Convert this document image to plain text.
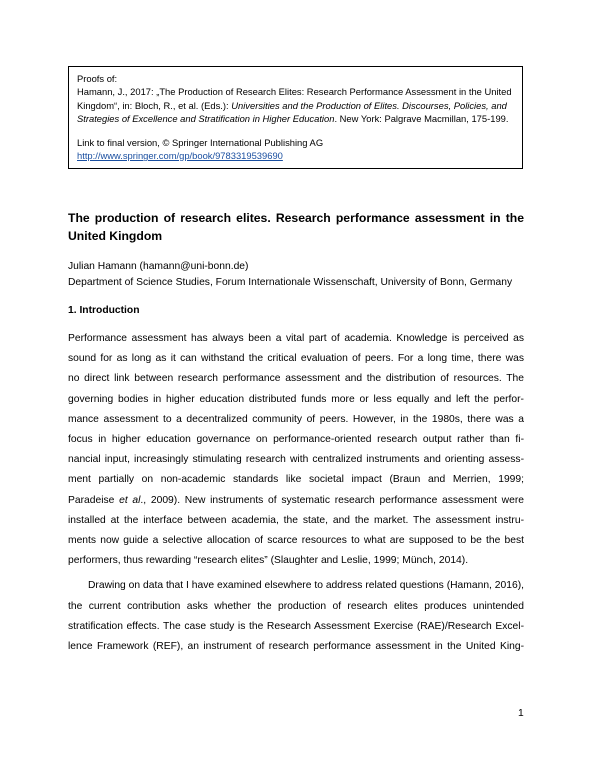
Proofs of:

Hamann, J., 2017: „The Production of Research Elites: Research Performance Assessment in the United Kingdom“, in: Bloch, R., et al. (Eds.): Universities and the Production of Elites. Discourses, Policies, and Strategies of Excellence and Stratification in Higher Education. New York: Palgrave Macmillan, 175-199.

Link to final version, © Springer International Publishing AG

http://www.springer.com/gp/book/9783319539690

The production of research elites. Research performance assessment in the United Kingdom
Julian Hamann (hamann@uni-bonn.de)
Department of Science Studies, Forum Internationale Wissenschaft, University of Bonn, Germany
1. Introduction
Performance assessment has always been a vital part of academia. Knowledge is perceived as
sound for as long as it can withstand the critical evaluation of peers. For a long time, there was
no direct link between research performance assessment and the distribution of resources. The
governing bodies in higher education distributed funds more or less equally and left the perfor-
mance assessment to a decentralized community of peers. However, in the 1980s, there was a
focus in higher education governance on performance-oriented research output rather than fi-
nancial input, increasingly stimulating research with centralized instruments and orienting assess-
ment partially on non-academic standards like societal impact (Braun and Merrien, 1999;
Paradeise et al., 2009). New instruments of systematic research performance assessment were
installed at the interface between academia, the state, and the market. The assessment instru-
ments now guide a selective allocation of scarce resources to what are supposed to be the best
performers, thus rewarding “research elites” (Slaughter and Leslie, 1999; Münch, 2014).
Drawing on data that I have examined elsewhere to address related questions (Hamann, 2016),
the current contribution asks whether the production of research elites produces unintended
stratification effects. The case study is the Research Assessment Exercise (RAE)/Research Excel-
lence Framework (REF), an instrument of research performance assessment in the United King-
1
